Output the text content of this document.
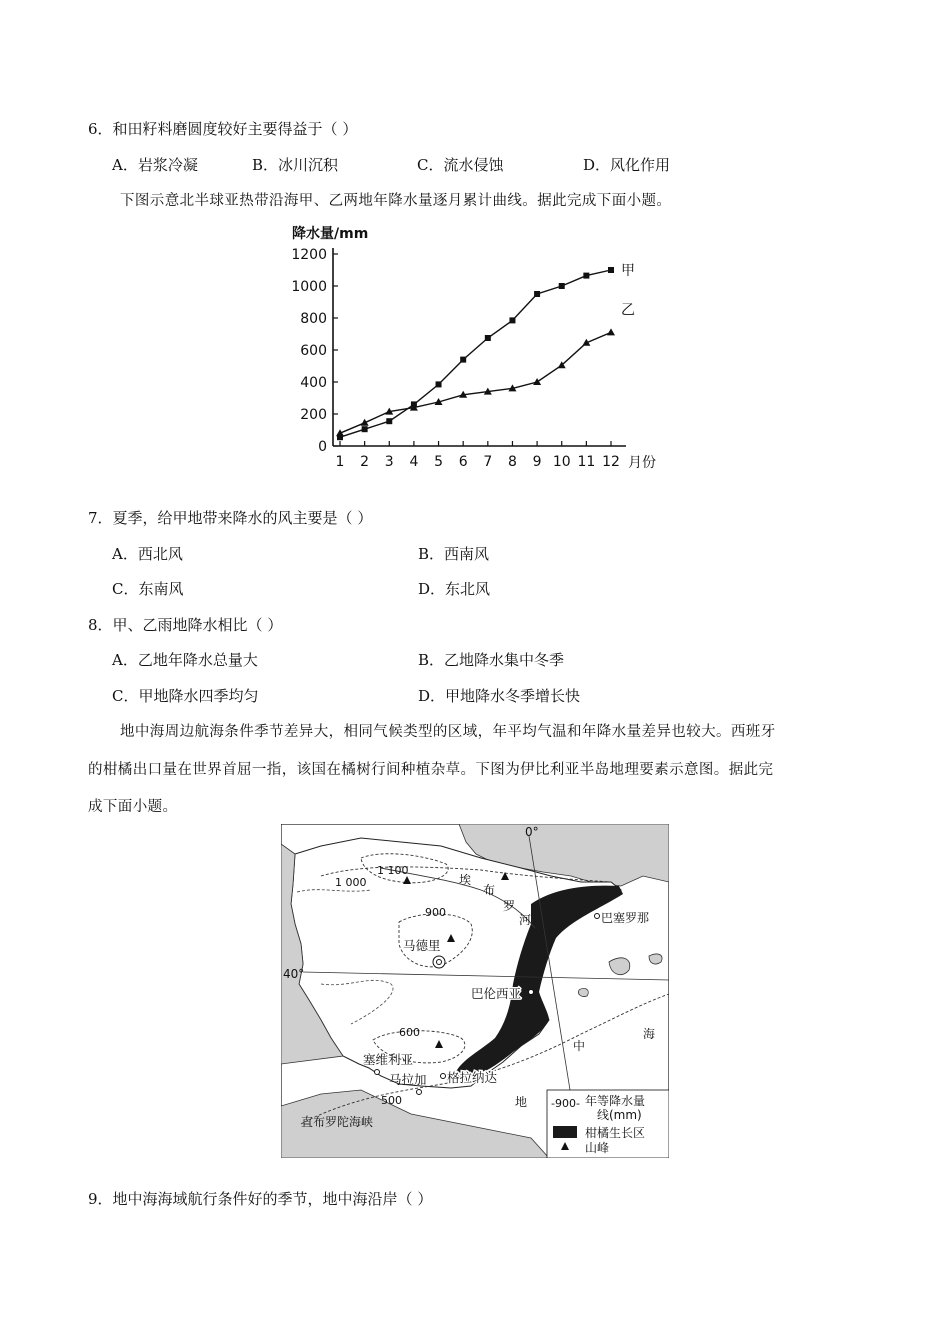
6．和田籽料磨圆度较好主要得益于（ ）
A．岩浆冷凝	B．冰川沉积	C．流水侵蚀	D．风化作用
下图示意北半球亚热带沿海甲、乙两地年降水量逐月累计曲线。据此完成下面小题。
降水量/mm
0
200
400
600
800
1000
1200
1 2 3 4 5 6 7 8 9 10 11 12
甲
乙
月份
7．夏季，给甲地带来降水的风主要是（ ）
A．西北风	B．西南风
C．东南风	D．东北风
8．甲、乙雨地降水相比（ ）
A．乙地年降水总量大	B．乙地降水集中冬季
C．甲地降水四季均匀	D．甲地降水冬季增长快
地中海周边航海条件季节差异大，相同气候类型的区域，年平均气温和年降水量差异也较大。西班牙
的柑橘出口量在世界首屈一指，该国在橘树行间种植杂草。下图为伊比利亚半岛地理要素示意图。据此完
成下面小题。
0°
40°
1 100
1 000
900
600
500
埃
布
罗
河
马德里
巴塞罗那
巴伦西亚
塞维利亚
马拉加 格拉纳达
直布罗陀海峡
地
中
海
-900- 年等降水量
线(mm)
柑橘生长区
山峰
9．地中海海域航行条件好的季节，地中海沿岸（ ）
